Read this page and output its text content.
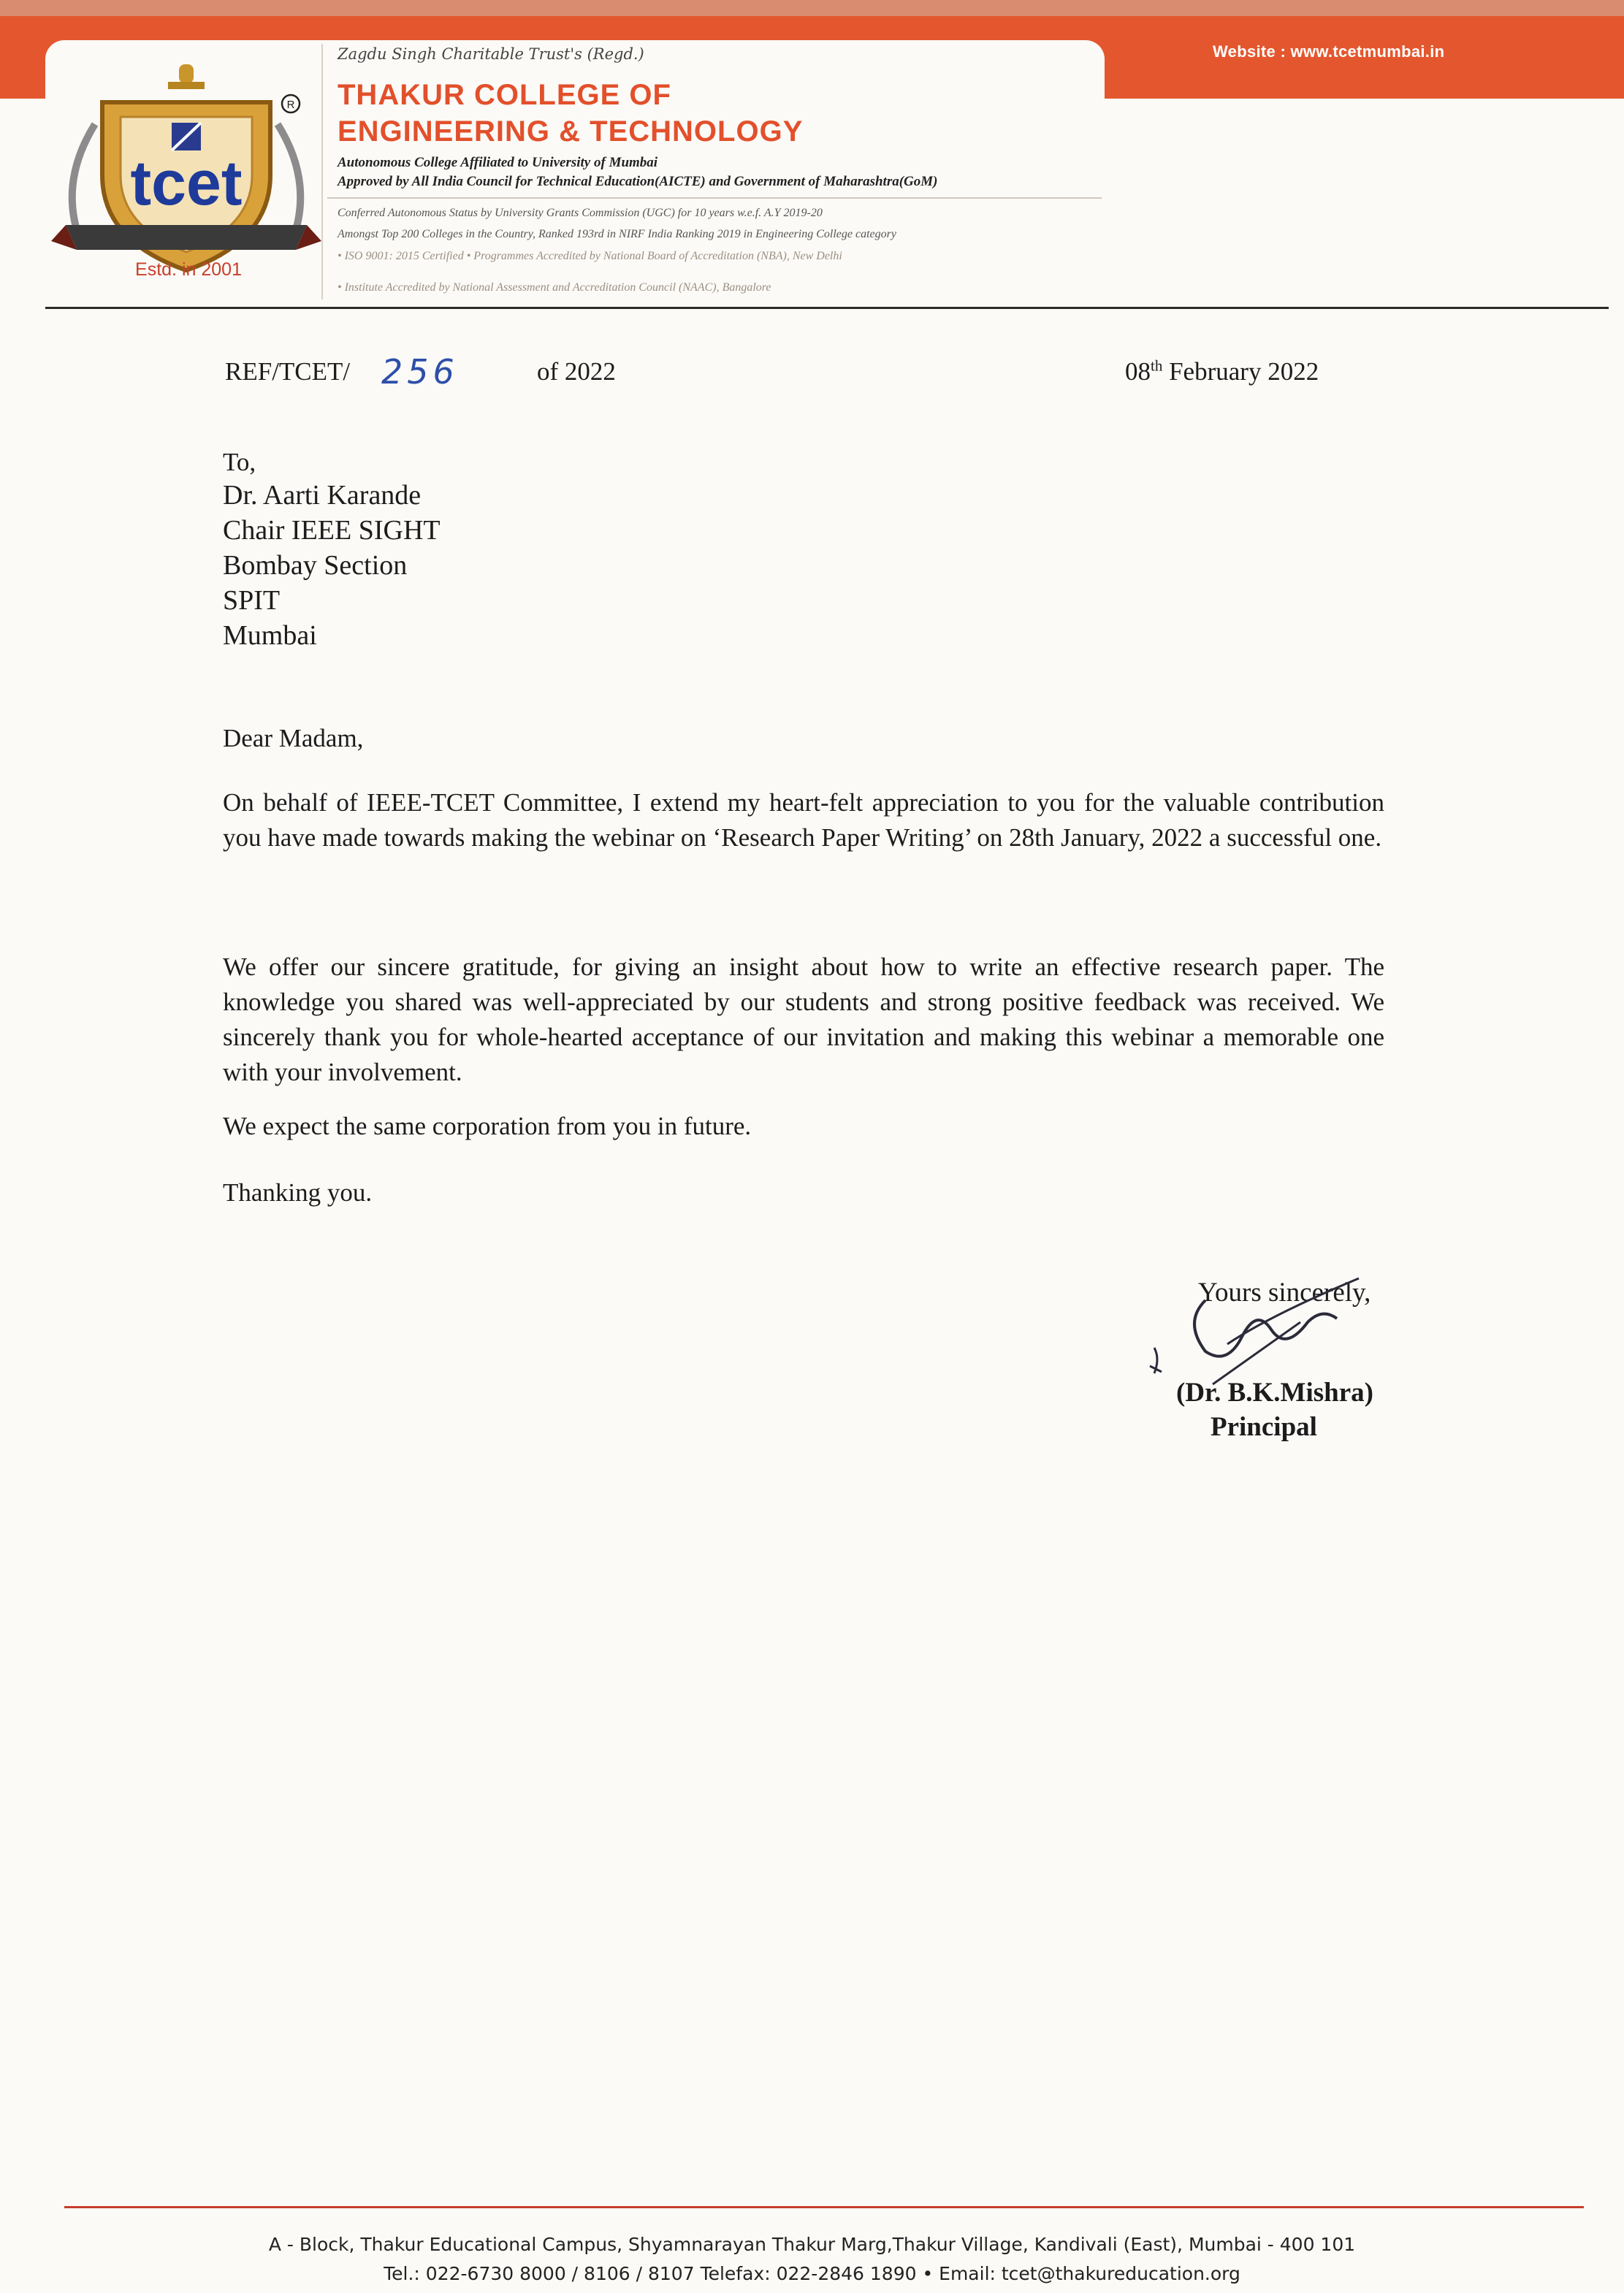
Website : www.tcetmumbai.in
tcet
R
Estd. in 2001
Zagdu Singh Charitable Trust's (Regd.)
THAKUR COLLEGE OF
ENGINEERING & TECHNOLOGY
Autonomous College Affiliated to University of Mumbai
Approved by All India Council for Technical Education(AICTE) and Government of Maharashtra(GoM)
Conferred Autonomous Status by University Grants Commission (UGC) for 10 years w.e.f. A.Y 2019-20
Amongst Top 200 Colleges in the Country, Ranked 193rd in NIRF India Ranking 2019 in Engineering College category
• ISO 9001: 2015 Certified • Programmes Accredited by National Board of Accreditation (NBA), New Delhi
• Institute Accredited by National Assessment and Accreditation Council (NAAC), Bangalore
REF/TCET/ 256	of 2022	08th February 2022
To,
Dr. Aarti Karande
Chair IEEE SIGHT
Bombay Section
SPIT
Mumbai
Dear Madam,
On behalf of IEEE-TCET Committee, I extend my heart-felt appreciation to you for the valuable contribution you have made towards making the webinar on ‘Research Paper Writing’ on 28th January, 2022 a successful one.
We offer our sincere gratitude, for giving an insight about how to write an effective research paper. The knowledge you shared was well-appreciated by our students and strong positive feedback was received. We sincerely thank you for whole-hearted acceptance of our invitation and making this webinar a memorable one with your involvement.
We expect the same corporation from you in future.
Thanking you.
Yours sincerely,
(Dr. B.K.Mishra)
Principal
A - Block, Thakur Educational Campus, Shyamnarayan Thakur Marg,Thakur Village, Kandivali (East), Mumbai - 400 101
Tel.: 022-6730 8000 / 8106 / 8107 Telefax: 022-2846 1890 • Email: tcet@thakureducation.org
